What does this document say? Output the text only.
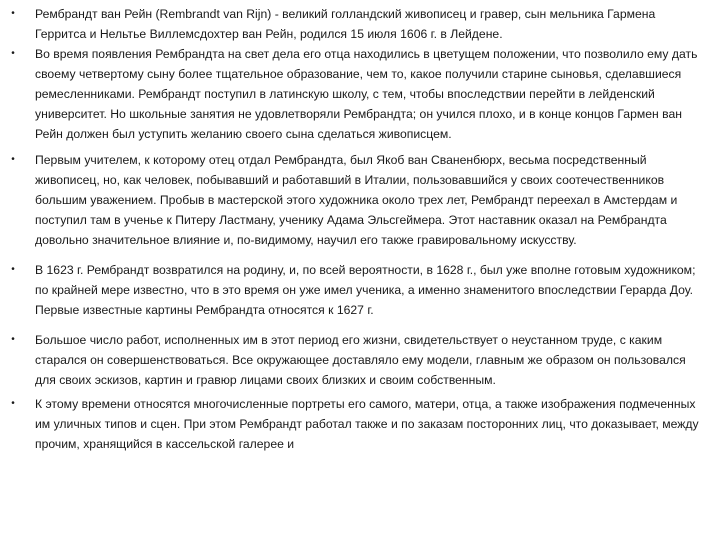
• Рембрандт ван Рейн (Rembrandt van Rijn) - великий голландский живописец и гравер, сын мельника Гармена Герритса и Нельтье Виллемсдохтер ван Рейн, родился 15 июля 1606 г. в Лейдене.
• Во время появления Рембрандта на свет дела его отца находились в цветущем положении, что позволило ему дать своему четвертому сыну более тщательное образование, чем то, какое получили старине сыновья, сделавшиеся ремесленниками. Рембрандт поступил в латинскую школу, с тем, чтобы впоследствии перейти в лейденский университет. Но школьные занятия не удовлетворяли Рембрандта; он учился плохо, и в конце концов Гармен ван Рейн должен был уступить желанию своего сына сделаться живописцем.
• Первым учителем, к которому отец отдал Рембрандта, был Якоб ван Сваненбюрх, весьма посредственный живописец, но, как человек, побывавший и работавший в Италии, пользовавшийся у своих соотечественников большим уважением. Пробыв в мастерской этого художника около трех лет, Рембрандт переехал в Амстердам и поступил там в ученье к Питеру Ластману, ученику Адама Эльсгеймера. Этот наставник оказал на Рембрандта довольно значительное влияние и, по-видимому, научил его также гравировальному искусству.
• В 1623 г. Рембрандт возвратился на родину, и, по всей вероятности, в 1628 г., был уже вполне готовым художником; по крайней мере известно, что в это время он уже имел ученика, а именно знаменитого впоследствии Герарда Доу. Первые известные картины Рембрандта относятся к 1627 г.
• Большое число работ, исполненных им в этот период его жизни, свидетельствует о неустанном труде, с каким старался он совершенствоваться. Все окружающее доставляло ему модели, главным же образом он пользовался для своих эскизов, картин и гравюр лицами своих близких и своим собственным.
• К этому времени относятся многочисленные портреты его самого, матери, отца, а также изображения подмеченных им уличных типов и сцен. При этом Рембрандт работал также и по заказам посторонних лиц, что доказывает, между прочим, хранящийся в кассельской галерее и
